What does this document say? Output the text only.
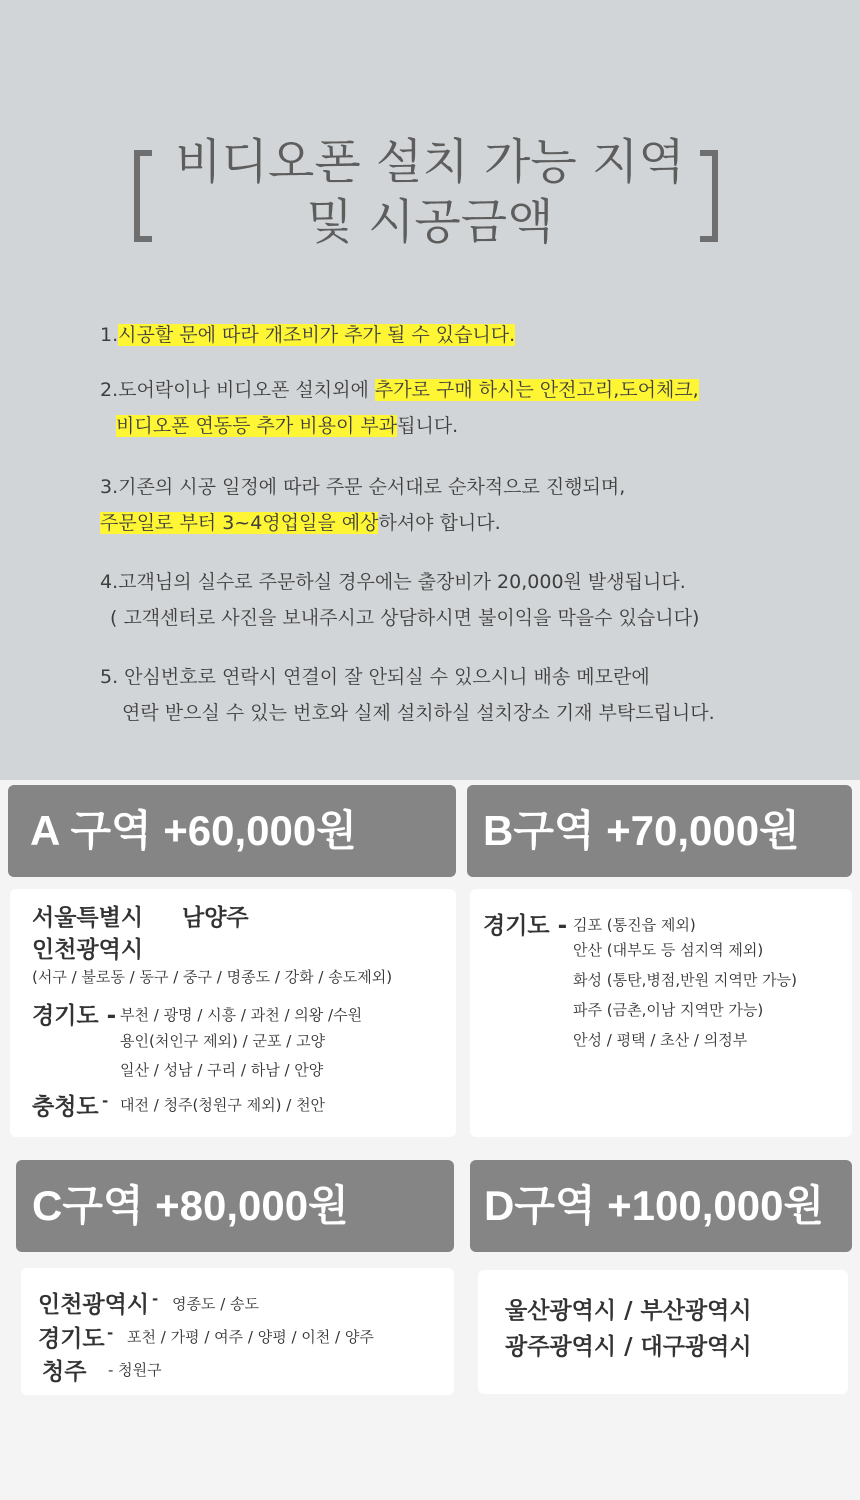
비디오폰 설치 가능 지역
및 시공금액
1.시공할 문에 따라 개조비가 추가 될 수 있습니다.
2.도어락이나 비디오폰 설치외에 추가로 구매 하시는 안전고리,도어체크,
비디오폰 연동등 추가 비용이 부과됩니다.
3.기존의 시공 일정에 따라 주문 순서대로 순차적으로 진행되며,
주문일로 부터 3~4영업일을 예상하셔야 합니다.
4.고객님의 실수로 주문하실 경우에는 출장비가 20,000원 발생됩니다.
( 고객센터로 사진을 보내주시고 상담하시면 불이익을 막을수 있습니다)
5. 안심번호로 연락시 연결이 잘 안되실 수 있으시니 배송 메모란에
연락 받으실 수 있는 번호와 실제 설치하실 설치장소 기재 부탁드립니다.
A 구역 +60,000원
서울특별시 남양주
인천광역시
(서구 / 불로동 / 동구 / 중구 / 명종도 / 강화 / 송도제외)
경기도 - 부천 / 광명 / 시흥 / 과천 / 의왕 /수원
용인(처인구 제외) / 군포 / 고양
일산 / 성남 / 구리 / 하남 / 안양
충청도 - 대전 / 청주(청원구 제외) / 천안
B구역 +70,000원
경기도 - 김포 (통진읍 제외)
안산 (대부도 등 섬지역 제외)
화성 (통탄,병점,반원 지역만 가능)
파주 (금촌,이남 지역만 가능)
안성 / 평택 / 초산 / 의정부
C구역 +80,000원
인천광역시 - 영종도 / 송도
경기도 - 포천 / 가평 / 여주 / 양평 / 이천 / 양주
청주 - 청원구
D구역 +100,000원
울산광역시 / 부산광역시
광주광역시 / 대구광역시
